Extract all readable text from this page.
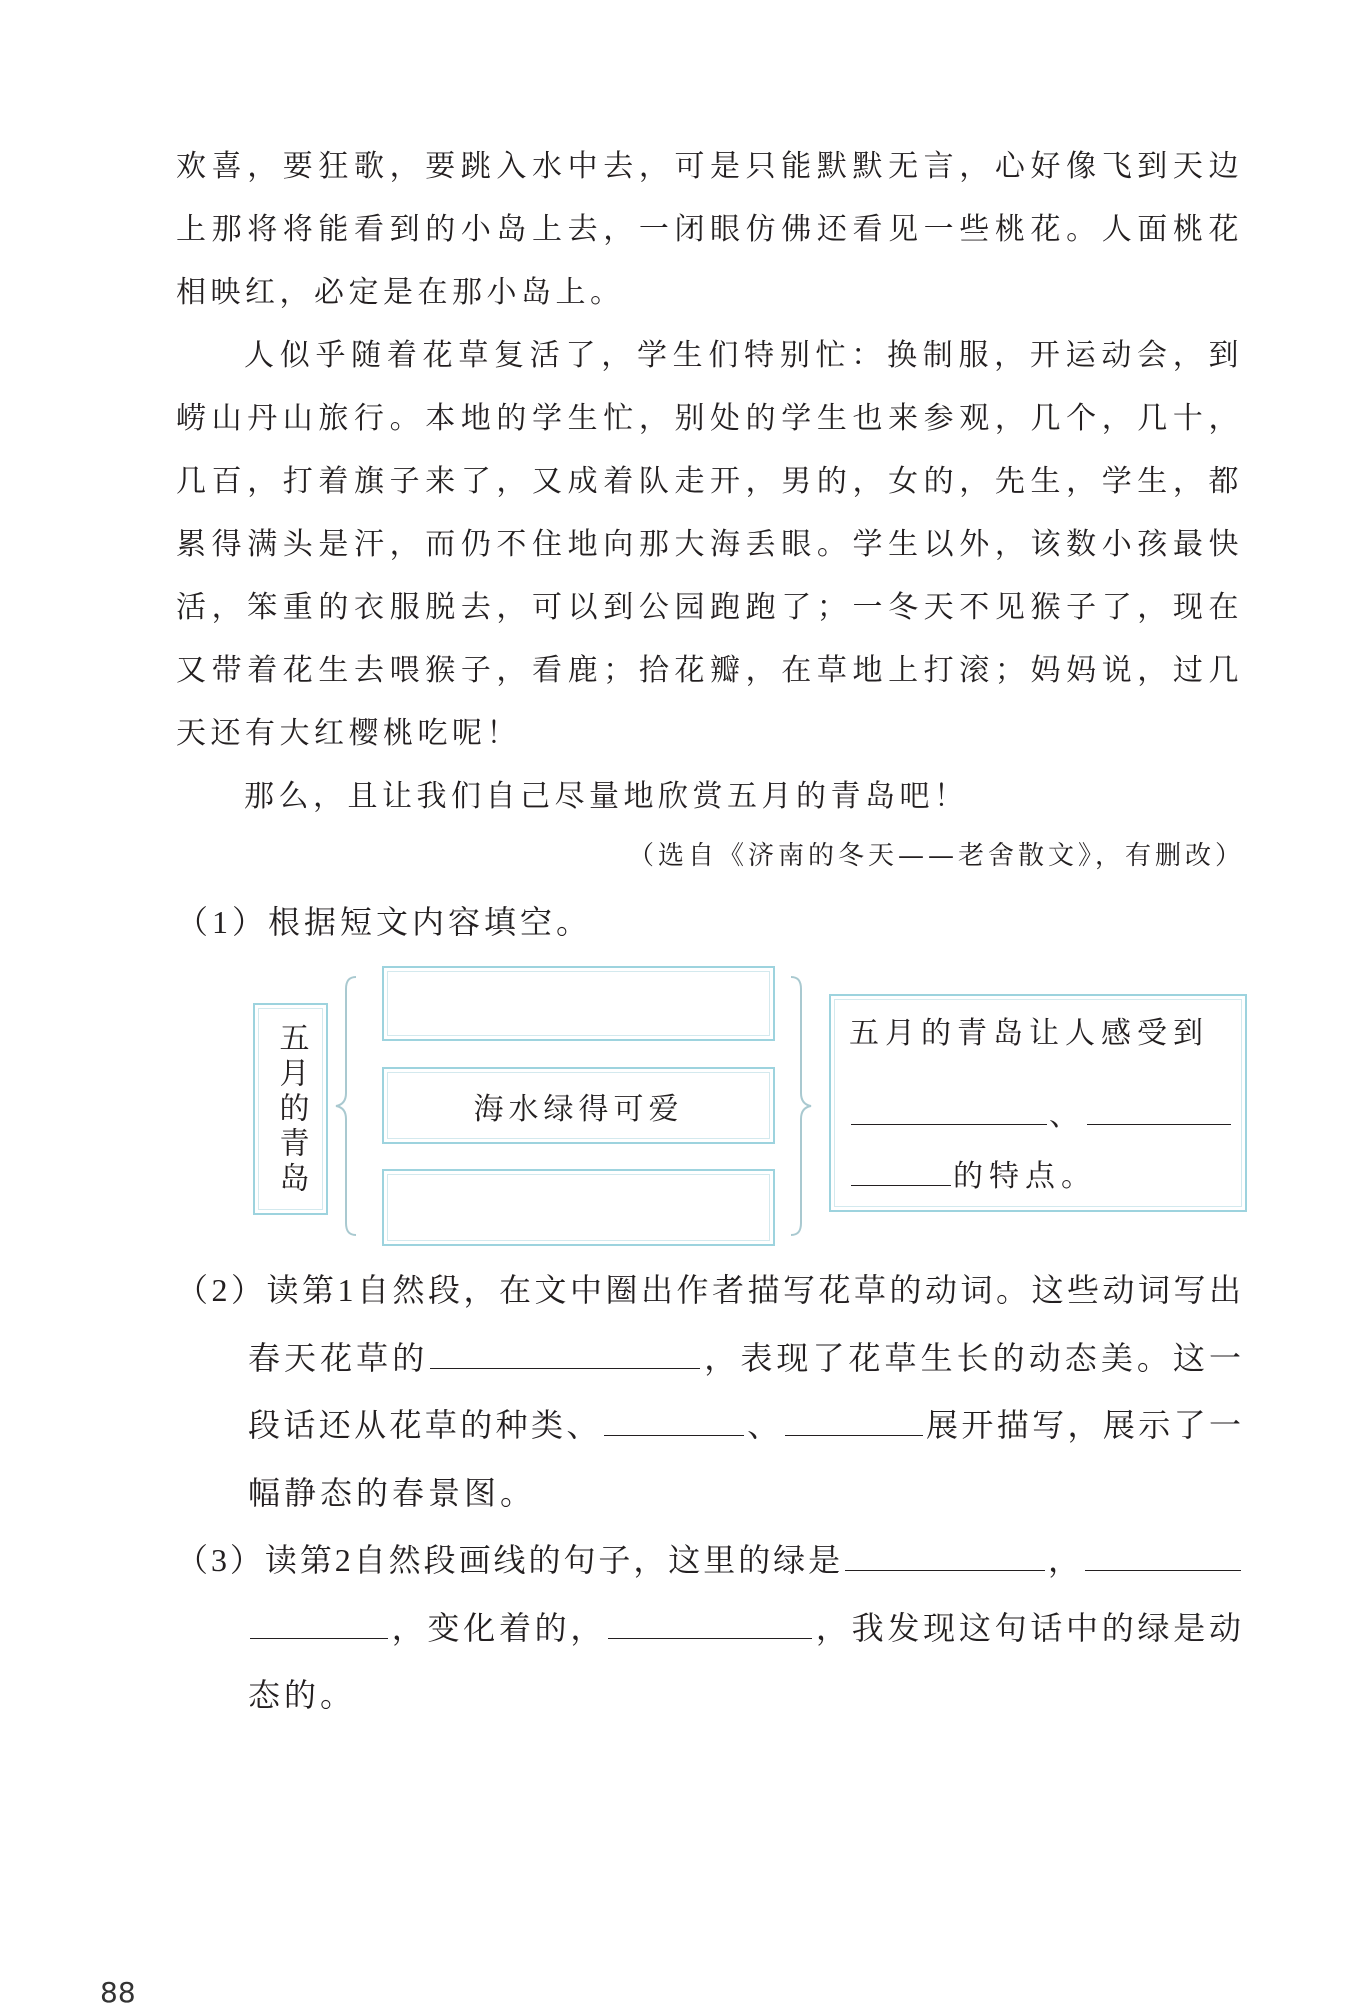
欢喜，要狂歌，要跳入水中去，可是只能默默无言，心好像飞到天边
上那将将能看到的小岛上去，一闭眼仿佛还看见一些桃花。人面桃花
相映红，必定是在那小岛上。
人似乎随着花草复活了，学生们特别忙：换制服，开运动会，到
崂山丹山旅行。本地的学生忙，别处的学生也来参观，几个，几十，
几百，打着旗子来了，又成着队走开，男的，女的，先生，学生，都
累得满头是汗，而仍不住地向那大海丢眼。学生以外，该数小孩最快
活，笨重的衣服脱去，可以到公园跑跑了；一冬天不见猴子了，现在
又带着花生去喂猴子，看鹿；拾花瓣，在草地上打滚；妈妈说，过几
天还有大红樱桃吃呢！
那么，且让我们自己尽量地欣赏五月的青岛吧！
（选自《济南的冬天——老舍散文》，有删改）
（1）根据短文内容填空。
五月的青岛	海水绿得可爱
五月的青岛让人感受到
、
的特点。
（2）读第1自然段，在文中圈出作者描写花草的动词。这些动词写出
春天花草的	，表现了花草生长的动态美。这一
段话还从花草的种类、	、	展开描写，展示了一
幅静态的春景图。
（3）读第2自然段画线的句子，这里的绿是	，
，变化着的，	，我发现这句话中的绿是动
态的。
88
